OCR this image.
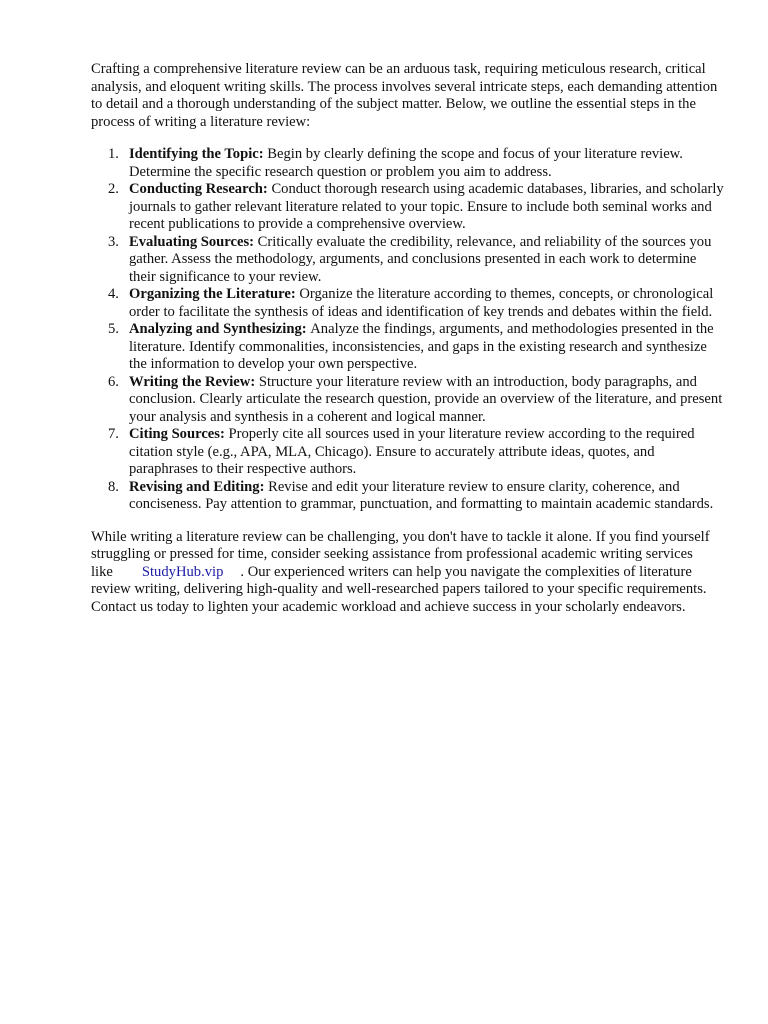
Crafting a comprehensive literature review can be an arduous task, requiring meticulous research, critical analysis, and eloquent writing skills. The process involves several intricate steps, each demanding attention to detail and a thorough understanding of the subject matter. Below, we outline the essential steps in the process of writing a literature review:

1. Identifying the Topic: Begin by clearly defining the scope and focus of your literature review. Determine the specific research question or problem you aim to address.
2. Conducting Research: Conduct thorough research using academic databases, libraries, and scholarly journals to gather relevant literature related to your topic. Ensure to include both seminal works and recent publications to provide a comprehensive overview.
3. Evaluating Sources: Critically evaluate the credibility, relevance, and reliability of the sources you gather. Assess the methodology, arguments, and conclusions presented in each work to determine their significance to your review.
4. Organizing the Literature: Organize the literature according to themes, concepts, or chronological order to facilitate the synthesis of ideas and identification of key trends and debates within the field.
5. Analyzing and Synthesizing: Analyze the findings, arguments, and methodologies presented in the literature. Identify commonalities, inconsistencies, and gaps in the existing research and synthesize the information to develop your own perspective.
6. Writing the Review: Structure your literature review with an introduction, body paragraphs, and conclusion. Clearly articulate the research question, provide an overview of the literature, and present your analysis and synthesis in a coherent and logical manner.
7. Citing Sources: Properly cite all sources used in your literature review according to the required citation style (e.g., APA, MLA, Chicago). Ensure to accurately attribute ideas, quotes, and paraphrases to their respective authors.
8. Revising and Editing: Revise and edit your literature review to ensure clarity, coherence, and conciseness. Pay attention to grammar, punctuation, and formatting to maintain academic standards.

While writing a literature review can be challenging, you don't have to tackle it alone. If you find yourself struggling or pressed for time, consider seeking assistance from professional academic writing services like StudyHub.vip . Our experienced writers can help you navigate the complexities of literature review writing, delivering high-quality and well-researched papers tailored to your specific requirements. Contact us today to lighten your academic workload and achieve success in your scholarly endeavors.
